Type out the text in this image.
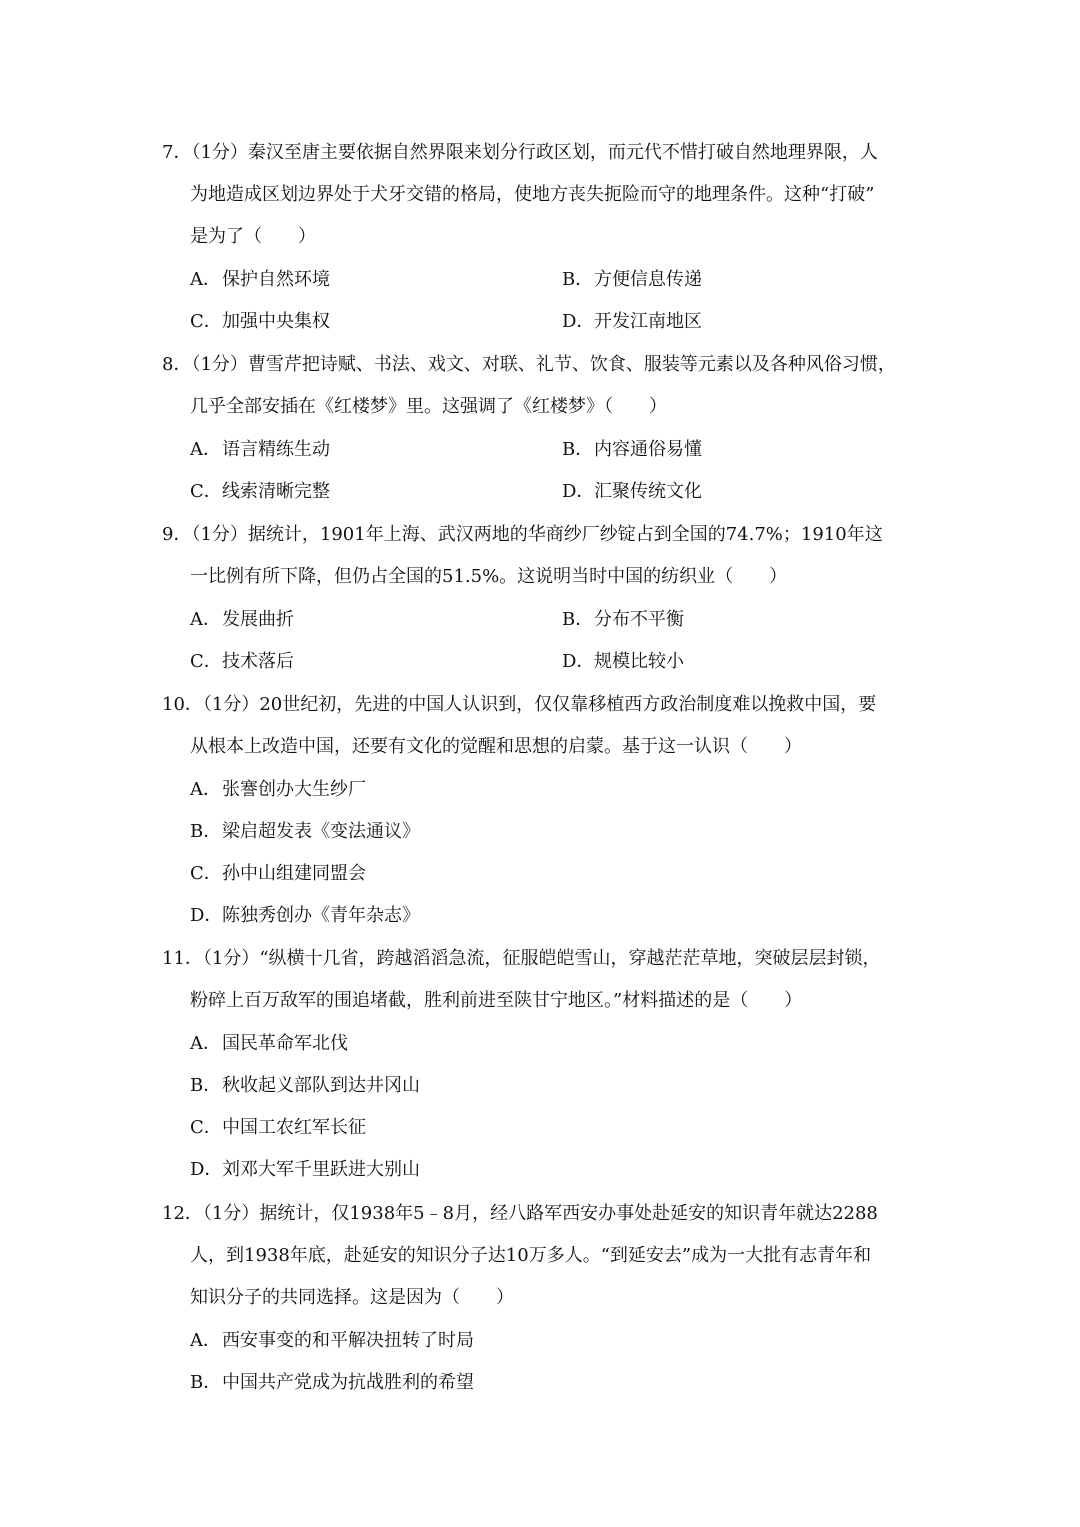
7．（1分）秦汉至唐主要依据自然界限来划分行政区划，而元代不惜打破自然地理界限，人
为地造成区划边界处于犬牙交错的格局，使地方丧失扼险而守的地理条件。这种“打破”
是为了（　　）
A．保护自然环境	B．方便信息传递
C．加强中央集权	D．开发江南地区
8．（1分）曹雪芹把诗赋、书法、戏文、对联、礼节、饮食、服装等元素以及各种风俗习惯，
几乎全部安插在《红楼梦》里。这强调了《红楼梦》（　　）
A．语言精练生动	B．内容通俗易懂
C．线索清晰完整	D．汇聚传统文化
9．（1分）据统计，1901年上海、武汉两地的华商纱厂纱锭占到全国的74.7%；1910年这
一比例有所下降，但仍占全国的51.5%。这说明当时中国的纺织业（　　）
A．发展曲折	B．分布不平衡
C．技术落后	D．规模比较小
10．（1分）20世纪初，先进的中国人认识到，仅仅靠移植西方政治制度难以挽救中国，要
从根本上改造中国，还要有文化的觉醒和思想的启蒙。基于这一认识（　　）
A．张謇创办大生纱厂
B．梁启超发表《变法通议》
C．孙中山组建同盟会
D．陈独秀创办《青年杂志》
11．（1分）“纵横十几省，跨越滔滔急流，征服皑皑雪山，穿越茫茫草地，突破层层封锁，
粉碎上百万敌军的围追堵截，胜利前进至陕甘宁地区。”材料描述的是（　　）
A．国民革命军北伐
B．秋收起义部队到达井冈山
C．中国工农红军长征
D．刘邓大军千里跃进大别山
12．（1分）据统计，仅1938年5﹣8月，经八路军西安办事处赴延安的知识青年就达2288
人，到1938年底，赴延安的知识分子达10万多人。“到延安去”成为一大批有志青年和
知识分子的共同选择。这是因为（　　）
A．西安事变的和平解决扭转了时局
B．中国共产党成为抗战胜利的希望
